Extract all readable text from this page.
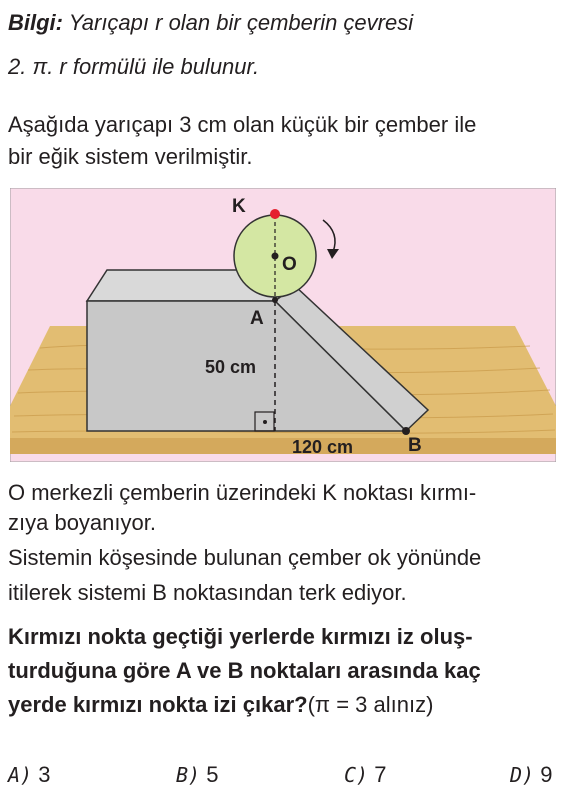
Bilgi: Yarıçapı r olan bir çemberin çevresi
2. π. r formülü ile bulunur.
Aşağıda yarıçapı 3 cm olan küçük bir çember ile
bir eğik sistem verilmiştir.
K
O
A
B
50 cm
120 cm
O merkezli çemberin üzerindeki K noktası kırmı-
zıya boyanıyor.
Sistemin köşesinde bulunan çember ok yönünde
itilerek sistemi B noktasından terk ediyor.
Kırmızı nokta geçtiği yerlerde kırmızı iz oluş-
turduğuna göre A ve B noktaları arasında kaç
yerde kırmızı nokta izi çıkar?(π = 3 alınız)
A) 3	B) 5	C) 7	D) 9
